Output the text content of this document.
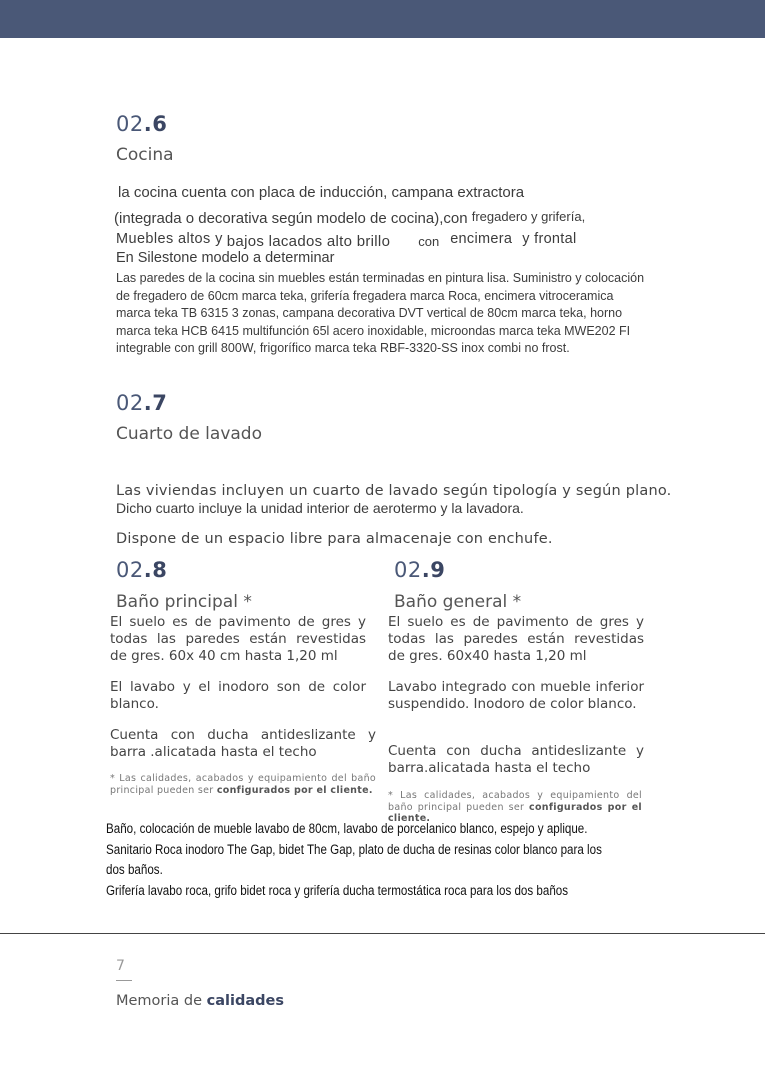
02.6
Cocina
la cocina cuenta con placa de inducción, campana extractora
(integrada o decorativa según modelo de cocina),con fregadero y grifería,
Muebles altos y bajos lacados alto brillo con encimera y frontal
En Silestone modelo a determinar
Las paredes de la cocina sin muebles están terminadas en pintura lisa. Suministro y colocación de fregadero de 60cm marca teka, grifería fregadera marca Roca, encimera vitroceramica marca teka TB 6315 3 zonas, campana decorativa DVT vertical de 80cm marca teka, horno marca teka HCB 6415 multifunción 65l acero inoxidable, microondas marca teka MWE202 FI integrable con grill 800W, frigorífico marca teka RBF-3320-SS inox combi no frost.
02.7
Cuarto de lavado
Las viviendas incluyen un cuarto de lavado según tipología y según plano.
Dicho cuarto incluye la unidad interior de aerotermo y la lavadora.
Dispone de un espacio libre para almacenaje con enchufe.
02.8
Baño principal *
El suelo es de pavimento de gres y todas las paredes están revestidas de gres. 60x 40 cm hasta 1,20 ml
El lavabo y el inodoro son de color blanco.
Cuenta con ducha antideslizante y barra .alicatada hasta el techo
* Las calidades, acabados y equipamiento del baño principal pueden ser configurados por el cliente.
02.9
Baño general *
El suelo es de pavimento de gres y todas las paredes están revestidas de gres. 60x40 hasta 1,20 ml
Lavabo integrado con mueble inferior suspendido. Inodoro de color blanco.
Cuenta con ducha antideslizante y barra.alicatada hasta el techo
* Las calidades, acabados y equipamiento del baño principal pueden ser configurados por el cliente.
Baño, colocación de mueble lavabo de 80cm, lavabo de porcelanico blanco, espejo y aplique.
Sanitario Roca inodoro The Gap, bidet The Gap, plato de ducha de resinas color blanco para los dos baños.
Grifería lavabo roca, grifo bidet roca y grifería ducha termostática roca para los dos baños
7
Memoria de calidades
